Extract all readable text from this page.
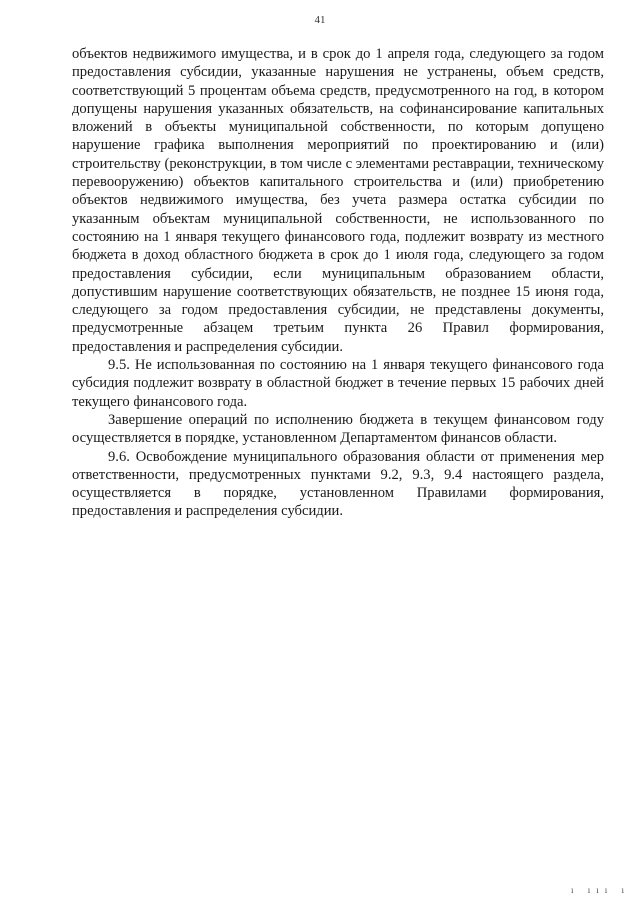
41

объектов недвижимого имущества, и в срок до 1 апреля года, следующего за годом предоставления субсидии, указанные нарушения не устранены, объем средств, соответствующий 5 процентам объема средств, предусмотренного на год, в котором допущены нарушения указанных обязательств, на софинансирование капитальных вложений в объекты муниципальной собственности, по которым допущено нарушение графика выполнения мероприятий по проектированию и (или) строительству (реконструкции, в том числе с элементами реставрации, техническому перевооружению) объектов капитального строительства и (или) приобретению объектов недвижимого имущества, без учета размера остатка субсидии по указанным объектам муниципальной собственности, не использованного по состоянию на 1 января текущего финансового года, подлежит возврату из местного бюджета в доход областного бюджета в срок до 1 июля года, следующего за годом предоставления субсидии, если муниципальным образованием области, допустившим нарушение соответствующих обязательств, не позднее 15 июня года, следующего за годом предоставления субсидии, не представлены документы, предусмотренные абзацем третьим пункта 26 Правил формирования, предоставления и распределения субсидии.

9.5. Не использованная по состоянию на 1 января текущего финансового года субсидия подлежит возврату в областной бюджет в течение первых 15 рабочих дней текущего финансового года.

Завершение операций по исполнению бюджета в текущем финансовом году осуществляется в порядке, установленном Департаментом финансов области.

9.6. Освобождение муниципального образования области от применения мер ответственности, предусмотренных пунктами 9.2, 9.3, 9.4 настоящего раздела, осуществляется в порядке, установленном Правилами формирования, предоставления и распределения субсидии.

ı ııı ı
